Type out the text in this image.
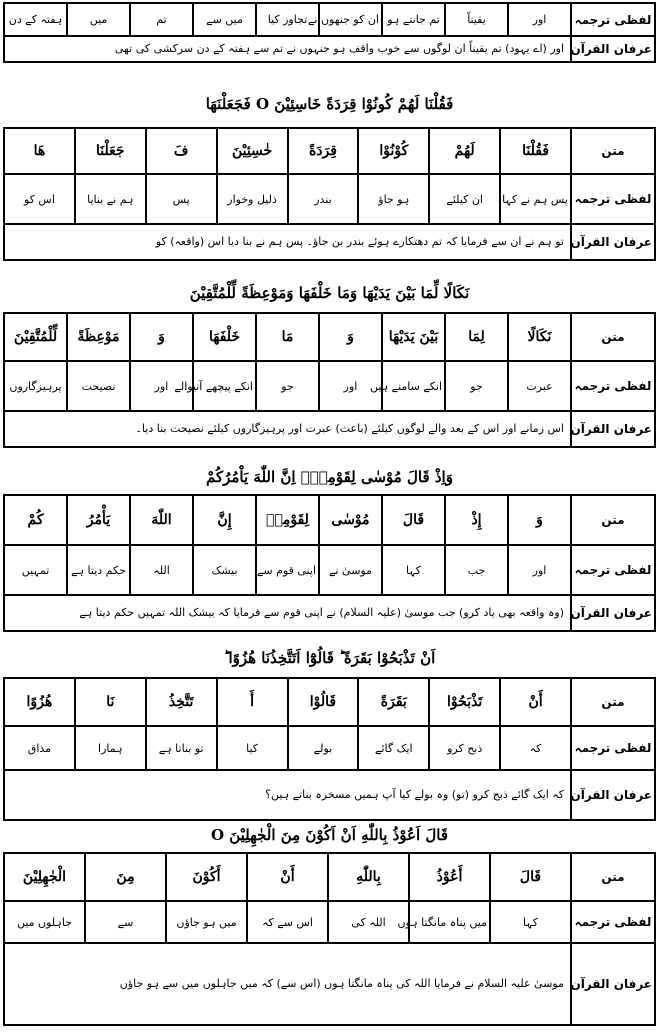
لفظی ترجمہ	اور	یقیناً	تم جانتے ہو	ان کو جنھوں نے	تجاوز کیا	میں سے	تم	میں	ہفتہ کے دن
عرفان القرآن	اور (اے یہود) تم یقیناً ان لوگوں سے خوب واقف ہو جنہوں نے تم سے ہفتہ کے دن سرکشی کی تھی
فَقُلْنَا لَهُمْ كُونُوْا قِرَدَةً خَاسِئِيْنَ O فَجَعَلْنَهَا
متن	فَقُلْنَا	لَهُمْ	كُوْنُوْا	قِرَدَةً	خٰسِئِيْنَ	فَ	جَعَلْنَا	هَا
لفظی ترجمہ	پس ہم نے کہا	ان کیلئے	ہو جاؤ	بندر	ذلیل وخوار	پس	ہم نے بنایا	اس کو
عرفان القرآن	تو ہم نے ان سے فرمایا کہ تم دھتکارے ہوئے بندر بن جاؤ۔ پس ہم نے بنا دیا اس (واقعہ) کو
نَكَالًا لِّمَا بَيْنَ يَدَيْهَا وَمَا خَلْفَهَا وَمَوْعِظَةً لِّلْمُتَّقِيْنَ
متن	نَكَالًا	لِمَا	بَيْنَ يَدَيْهَا	وَ	مَا	خَلْفَهَا	وَ	مَوْعِظَةً	لِّلْمُتَّقِيْنَ
لفظی ترجمہ	عبرت	جو	انکے سامنے ہیں	اور	جو	انکے پیچھے آنیوالے	اور	نصیحت	پرہیزگاروں
عرفان القرآن	اس زمانے اور اس کے بعد والے لوگوں کیلئے (باعث) عبرت اور پرہیزگاروں کیلئے نصیحت بنا دیا۔
وَاِذْ قَالَ مُوْسٰى لِقَوْمِهٖٓ اِنَّ اللّٰهَ يَاْمُرُكُمْ
متن	وَ	إِذْ	قَالَ	مُوْسٰى	لِقَوْمِهٖ	إِنَّ	اللّٰهَ	يَأْمُرُ	كُمْ
لفظی ترجمہ	اور	جب	کہا	موسیٰ نے	اپنی قوم سے	بیشک	اللہ	حکم دیتا ہے	تمہیں
عرفان القرآن	(وہ واقعہ بھی یاد کرو) جب موسیٰ (علیہ السلام) نے اپنی قوم سے فرمایا کہ بیشک اللہ تمہیں حکم دیتا ہے
اَنْ تَذْبَحُوْا بَقَرَةً ؕ قَالُوْٓا اَتَتَّخِذُنَا هُزُوًا ؕ
متن	أَنْ	تَذْبَحُوْا	بَقَرَةً	قَالُوْا	أَ	تَتَّخِذُ	نَا	هُزُوًا
لفظی ترجمہ	کہ	ذبح کرو	ایک گائے	بولے	کیا	تو بناتا ہے	ہمارا	مذاق
عرفان القرآن	کہ ایک گائے ذبح کرو (تو) وہ بولے کیا آپ ہمیں مسخرہ بناتے ہیں؟
قَالَ اَعُوْذُ بِاللّٰهِ اَنْ اَكُوْنَ مِنَ الْجٰهِلِيْنَ O
متن	قَالَ	أَعُوْذُ	بِاللّٰهِ	أَنْ	أَكُوْنَ	مِنَ	الْجٰهِلِيْنَ
لفظی ترجمہ	کہا	میں پناہ مانگتا ہوں	اللہ کی	اس سے کہ	میں ہو جاؤں	سے	جاہلوں میں
عرفان القرآن	موسیٰ علیہ السلام نے فرمایا اللہ کی پناہ مانگتا ہوں (اس سے) کہ میں جاہلوں میں سے ہو جاؤں
